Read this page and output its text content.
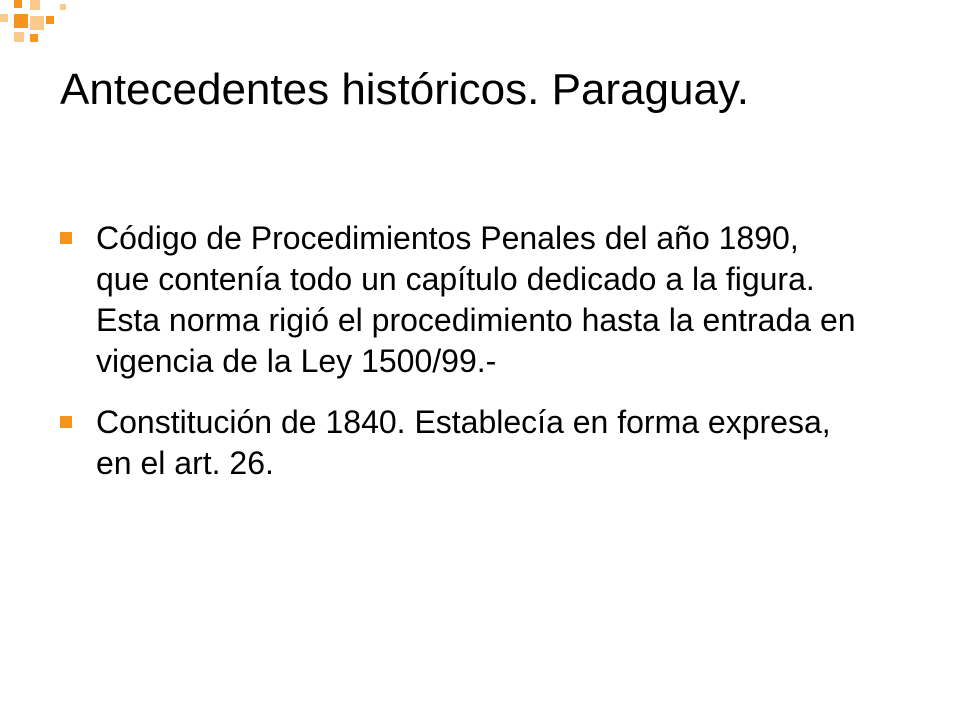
Antecedentes históricos. Paraguay.
Código de Procedimientos Penales del año 1890, que contenía todo un capítulo dedicado a la figura. Esta norma rigió el procedimiento hasta la entrada en vigencia de la Ley 1500/99.-
Constitución de 1840. Establecía en forma expresa, en el art. 26.
